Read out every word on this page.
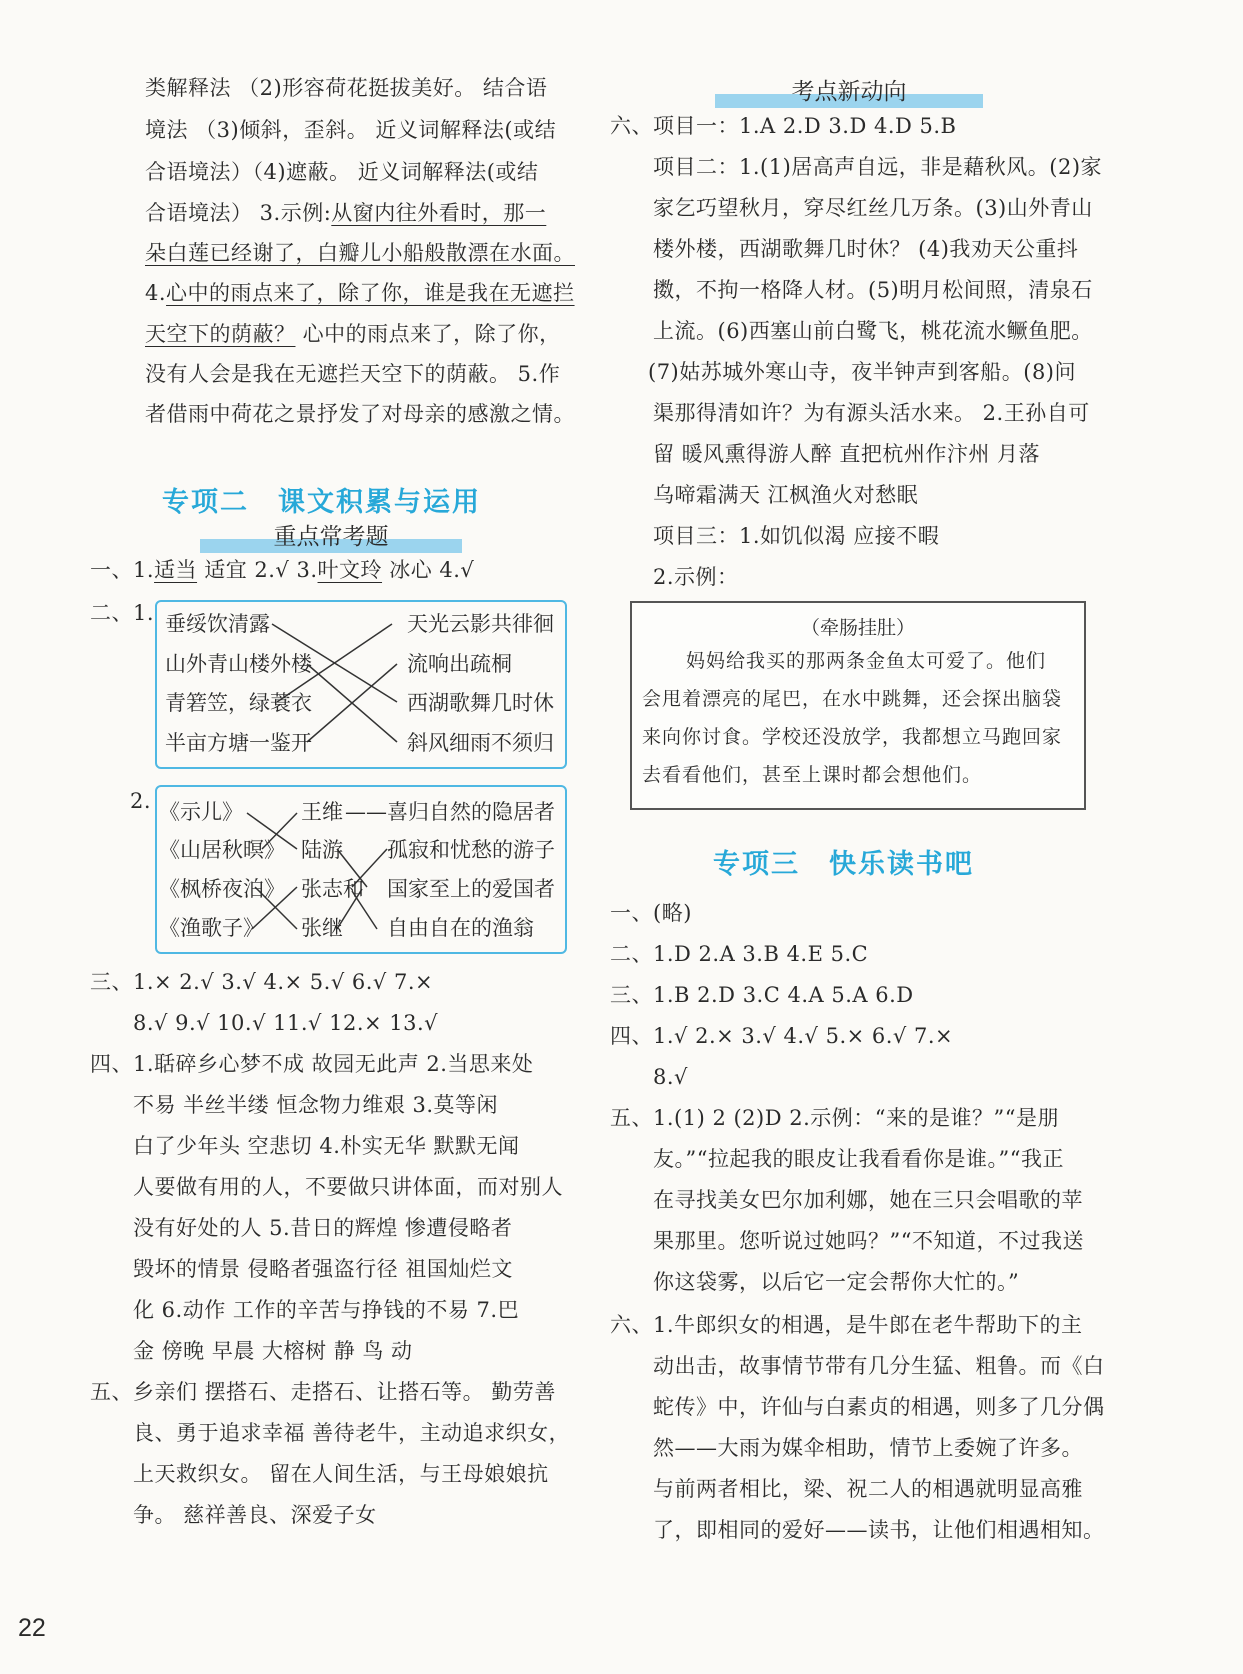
类解释法 （2)形容荷花挺拔美好。 结合语
境法 （3)倾斜，歪斜。 近义词解释法(或结
合语境法）（4)遮蔽。 近义词解释法(或结
合语境法） 3.示例:从窗内往外看时，那一
朵白莲已经谢了，白瓣儿小船般散漂在水面。
4.心中的雨点来了，除了你，谁是我在无遮拦
天空下的荫蔽？ 心中的雨点来了，除了你，
没有人会是我在无遮拦天空下的荫蔽。 5.作
者借雨中荷花之景抒发了对母亲的感激之情。
专项二　课文积累与运用
重点常考题
一、1.适当 适宜 2.√ 3.叶文玲 冰心 4.√
二、1. 垂绥饮清露
山外青山楼外楼
青箬笠，绿蓑衣
半亩方塘一鉴开
天光云影共徘徊
流响出疏桐
西湖歌舞几时休
斜风细雨不须归
2. 《示儿》
《山居秋暝》
《枫桥夜泊》
《渔歌子》
王维
陆游
张志和
张继
——喜归自然的隐居者
孤寂和忧愁的游子
国家至上的爱国者
自由自在的渔翁
三、1.× 2.√ 3.√ 4.× 5.√ 6.√ 7.×
8.√ 9.√ 10.√ 11.√ 12.× 13.√
四、1.聒碎乡心梦不成 故园无此声 2.当思来处
不易 半丝半缕 恒念物力维艰 3.莫等闲
白了少年头 空悲切 4.朴实无华 默默无闻
人要做有用的人，不要做只讲体面，而对别人
没有好处的人 5.昔日的辉煌 惨遭侵略者
毁坏的情景 侵略者强盗行径 祖国灿烂文
化 6.动作 工作的辛苦与挣钱的不易 7.巴
金 傍晚 早晨 大榕树 静 鸟 动
五、乡亲们 摆搭石、走搭石、让搭石等。 勤劳善
良、勇于追求幸福 善待老牛，主动追求织女，
上天救织女。 留在人间生活，与王母娘娘抗
争。 慈祥善良、深爱子女
考点新动向
六、项目一：1.A 2.D 3.D 4.D 5.B
项目二：1.(1)居高声自远，非是藉秋风。(2)家
家乞巧望秋月，穿尽红丝几万条。(3)山外青山
楼外楼，西湖歌舞几时休？ (4)我劝天公重抖
擞，不拘一格降人材。(5)明月松间照，清泉石
上流。(6)西塞山前白鹭飞，桃花流水鳜鱼肥。
(7)姑苏城外寒山寺，夜半钟声到客船。(8)问
渠那得清如许？为有源头活水来。 2.王孙自可
留 暖风熏得游人醉 直把杭州作汴州 月落
乌啼霜满天 江枫渔火对愁眠
项目三：1.如饥似渴 应接不暇
2.示例：
（牵肠挂肚）
妈妈给我买的那两条金鱼太可爱了。他们
会甩着漂亮的尾巴，在水中跳舞，还会探出脑袋
来向你讨食。学校还没放学，我都想立马跑回家
去看看他们，甚至上课时都会想他们。
专项三　快乐读书吧
一、(略)
二、1.D 2.A 3.B 4.E 5.C
三、1.B 2.D 3.C 4.A 5.A 6.D
四、1.√ 2.× 3.√ 4.√ 5.× 6.√ 7.×
8.√
五、1.(1) 2 (2)D 2.示例：“来的是谁？”“是朋
友。”“拉起我的眼皮让我看看你是谁。”“我正
在寻找美女巴尔加利娜，她在三只会唱歌的苹
果那里。您听说过她吗？”“不知道，不过我送
你这袋雾，以后它一定会帮你大忙的。”
六、1.牛郎织女的相遇，是牛郎在老牛帮助下的主
动出击，故事情节带有几分生猛、粗鲁。而《白
蛇传》中，许仙与白素贞的相遇，则多了几分偶
然——大雨为媒伞相助，情节上委婉了许多。
与前两者相比，梁、祝二人的相遇就明显高雅
了，即相同的爱好——读书，让他们相遇相知。
22
